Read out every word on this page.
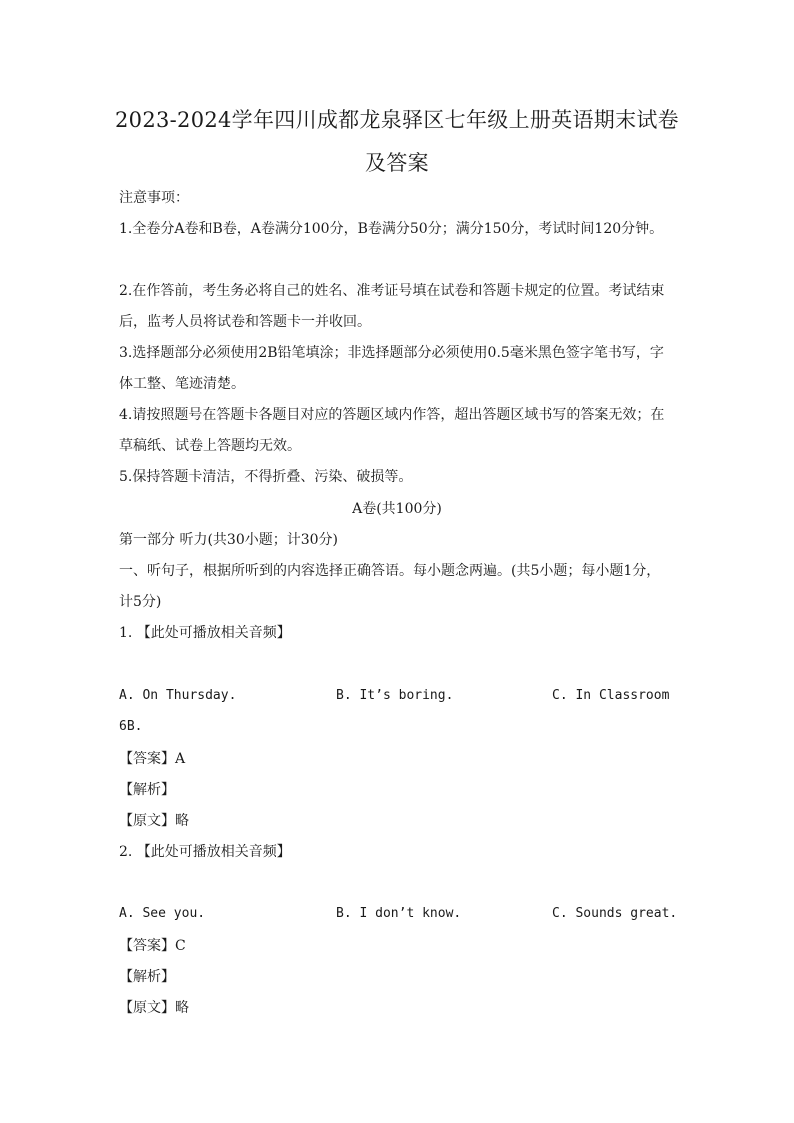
2023-2024学年四川成都龙泉驿区七年级上册英语期末试卷
及答案
注意事项：
1.全卷分A卷和B卷，A卷满分100分，B卷满分50分；满分150分，考试时间120分钟。
2.在作答前，考生务必将自己的姓名、准考证号填在试卷和答题卡规定的位置。考试结束
后，监考人员将试卷和答题卡一并收回。
3.选择题部分必须使用2B铅笔填涂；非选择题部分必须使用0.5毫米黑色签字笔书写，字
体工整、笔迹清楚。
4.请按照题号在答题卡各题目对应的答题区域内作答，超出答题区域书写的答案无效；在
草稿纸、试卷上答题均无效。
5.保持答题卡清洁，不得折叠、污染、破损等。
A卷(共100分)
第一部分 听力(共30小题；计30分)
一、听句子，根据所听到的内容选择正确答语。每小题念两遍。(共5小题；每小题1分，
计5分)
1. 【此处可播放相关音频】
A. On Thursday.	B. It’s boring.	C. In Classroom
6B.
【答案】A
【解析】
【原文】略
2. 【此处可播放相关音频】
A. See you.	B. I don’t know.	C. Sounds great.
【答案】C
【解析】
【原文】略
